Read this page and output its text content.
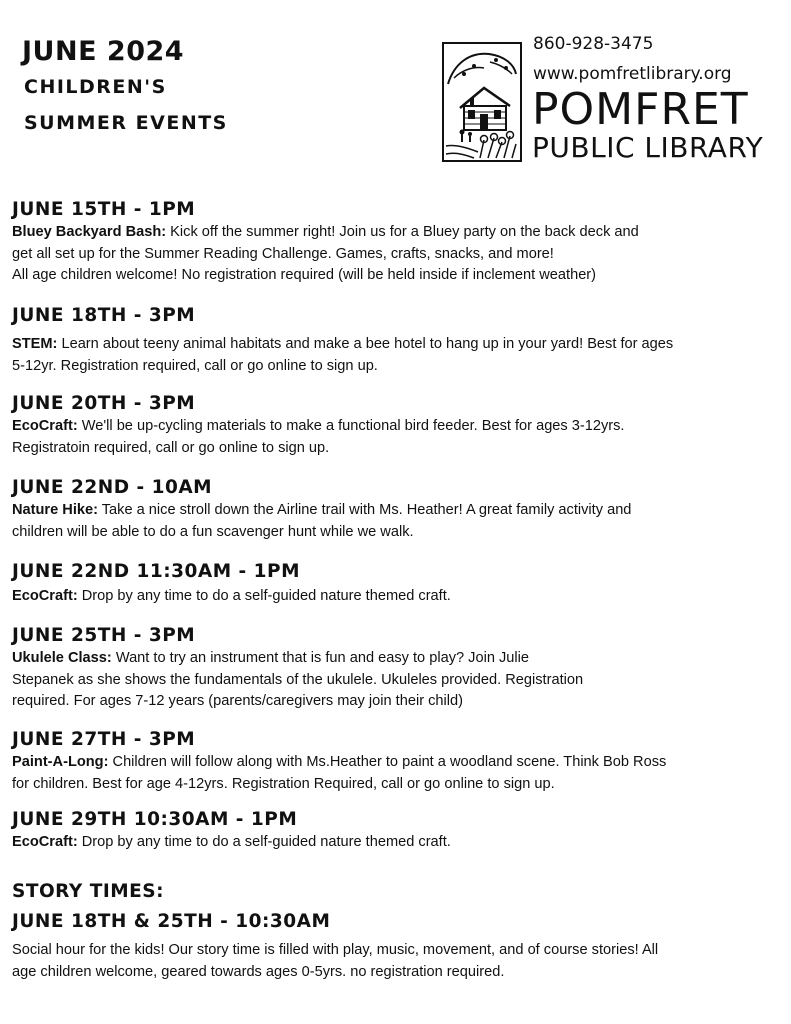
JUNE 2024
CHILDREN'S
SUMMER EVENTS
860-928-3475
www.pomfretlibrary.org
POMFRET
PUBLIC LIBRARY
JUNE 15TH - 1PM
Bluey Backyard Bash: Kick off the summer right! Join us for a Bluey party on the back deck and
get all set up for the Summer Reading Challenge. Games, crafts, snacks, and more!
All age children welcome! No registration required (will be held inside if inclement weather)
JUNE 18TH - 3PM
STEM: Learn about teeny animal habitats and make a bee hotel to hang up in your yard! Best for ages
5-12yr. Registration required, call or go online to sign up.
JUNE 20TH - 3PM
EcoCraft: We'll be up-cycling materials to make a functional bird feeder. Best for ages 3-12yrs.
Registratoin required, call or go online to sign up.
JUNE 22ND - 10AM
Nature Hike: Take a nice stroll down the Airline trail with Ms. Heather! A great family activity and
children will be able to do a fun scavenger hunt while we walk.
JUNE 22ND 11:30AM - 1PM
EcoCraft: Drop by any time to do a self-guided nature themed craft.
JUNE 25TH - 3PM
Ukulele Class: Want to try an instrument that is fun and easy to play? Join Julie
Stepanek as she shows the fundamentals of the ukulele. Ukuleles provided. Registration
required. For ages 7-12 years (parents/caregivers may join their child)
JUNE 27TH - 3PM
Paint-A-Long: Children will follow along with Ms.Heather to paint a woodland scene. Think Bob Ross
for children. Best for age 4-12yrs. Registration Required, call or go online to sign up.
JUNE 29TH 10:30AM - 1PM
EcoCraft: Drop by any time to do a self-guided nature themed craft.
STORY TIMES:
JUNE 18TH & 25TH - 10:30AM
Social hour for the kids! Our story time is filled with play, music, movement, and of course stories! All
age children welcome, geared towards ages 0-5yrs. no registration required.
